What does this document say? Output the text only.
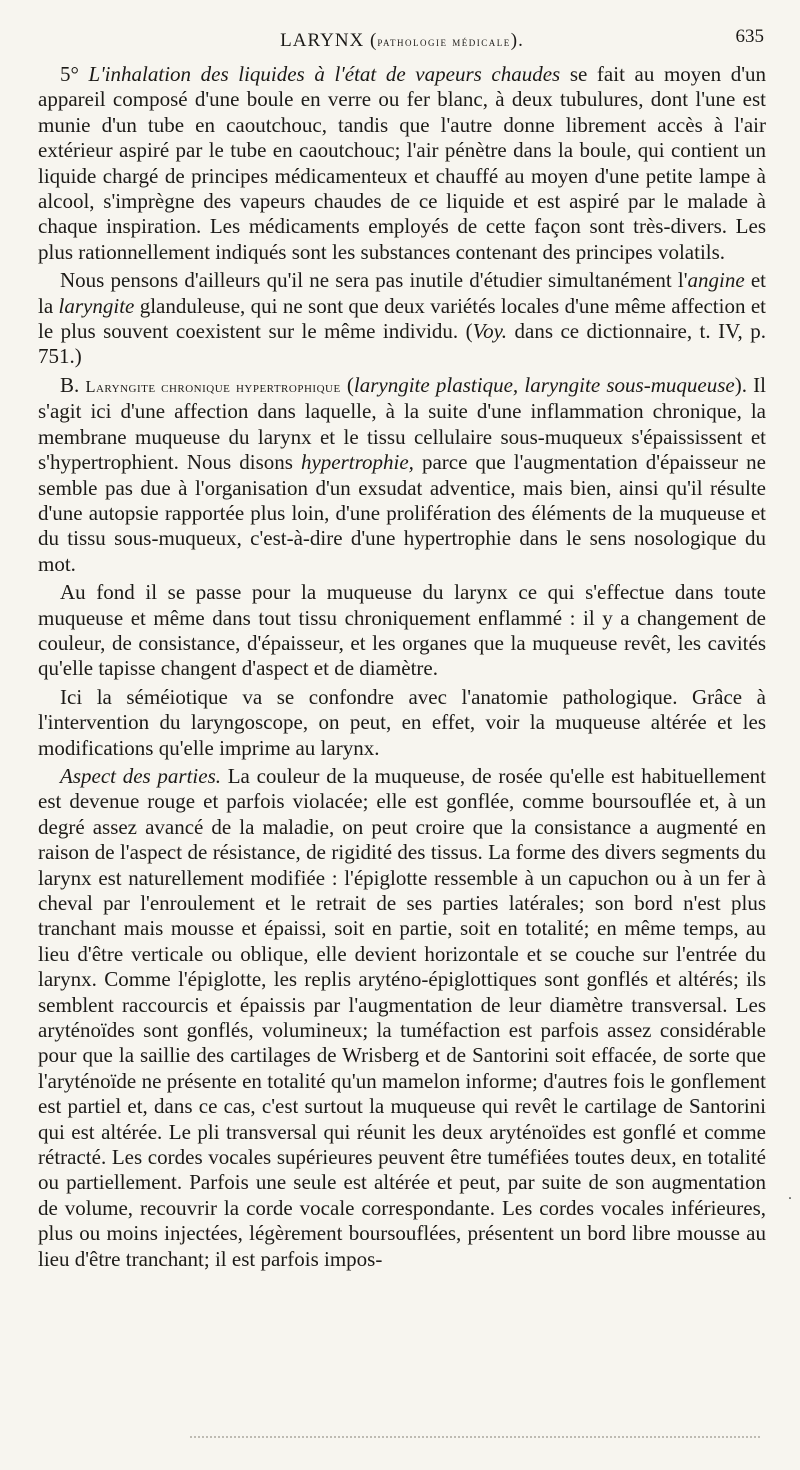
LARYNX (pathologie médicale).	635

5° L'inhalation des liquides à l'état de vapeurs chaudes se fait au moyen d'un appareil composé d'une boule en verre ou fer blanc, à deux tubulures, dont l'une est munie d'un tube en caoutchouc, tandis que l'autre donne librement accès à l'air extérieur aspiré par le tube en caoutchouc; l'air pénètre dans la boule, qui contient un liquide chargé de principes médicamenteux et chauffé au moyen d'une petite lampe à alcool, s'imprègne des vapeurs chaudes de ce liquide et est aspiré par le malade à chaque inspiration. Les médicaments employés de cette façon sont très-divers. Les plus rationnellement indiqués sont les substances contenant des principes volatils.

Nous pensons d'ailleurs qu'il ne sera pas inutile d'étudier simultanément l'angine et la laryngite glanduleuse, qui ne sont que deux variétés locales d'une même affection et le plus souvent coexistent sur le même individu. (Voy. dans ce dictionnaire, t. IV, p. 751.)

B. Laryngite chronique hypertrophique (laryngite plastique, laryngite sous-muqueuse). Il s'agit ici d'une affection dans laquelle, à la suite d'une inflammation chronique, la membrane muqueuse du larynx et le tissu cellulaire sous-muqueux s'épaississent et s'hypertrophient. Nous disons hypertrophie, parce que l'augmentation d'épaisseur ne semble pas due à l'organisation d'un exsudat adventice, mais bien, ainsi qu'il résulte d'une autopsie rapportée plus loin, d'une prolifération des éléments de la muqueuse et du tissu sous-muqueux, c'est-à-dire d'une hypertrophie dans le sens nosologique du mot.

Au fond il se passe pour la muqueuse du larynx ce qui s'effectue dans toute muqueuse et même dans tout tissu chroniquement enflammé : il y a changement de couleur, de consistance, d'épaisseur, et les organes que la muqueuse revêt, les cavités qu'elle tapisse changent d'aspect et de diamètre.

Ici la séméiotique va se confondre avec l'anatomie pathologique. Grâce à l'intervention du laryngoscope, on peut, en effet, voir la muqueuse altérée et les modifications qu'elle imprime au larynx.

Aspect des parties. La couleur de la muqueuse, de rosée qu'elle est habituellement est devenue rouge et parfois violacée; elle est gonflée, comme boursouflée et, à un degré assez avancé de la maladie, on peut croire que la consistance a augmenté en raison de l'aspect de résistance, de rigidité des tissus. La forme des divers segments du larynx est naturellement modifiée : l'épiglotte ressemble à un capuchon ou à un fer à cheval par l'enroulement et le retrait de ses parties latérales; son bord n'est plus tranchant mais mousse et épaissi, soit en partie, soit en totalité; en même temps, au lieu d'être verticale ou oblique, elle devient horizontale et se couche sur l'entrée du larynx. Comme l'épiglotte, les replis aryténo-épiglottiques sont gonflés et altérés; ils semblent raccourcis et épaissis par l'augmentation de leur diamètre transversal. Les aryténoïdes sont gonflés, volumineux; la tuméfaction est parfois assez considérable pour que la saillie des cartilages de Wrisberg et de Santorini soit effacée, de sorte que l'aryténoïde ne présente en totalité qu'un mamelon informe; d'autres fois le gonflement est partiel et, dans ce cas, c'est surtout la muqueuse qui revêt le cartilage de Santorini qui est altérée. Le pli transversal qui réunit les deux aryténoïdes est gonflé et comme rétracté. Les cordes vocales supérieures peuvent être tuméfiées toutes deux, en totalité ou partiellement. Parfois une seule est altérée et peut, par suite de son augmentation de volume, recouvrir la corde vocale correspondante. Les cordes vocales inférieures, plus ou moins injectées, légèrement boursouflées, présentent un bord libre mousse au lieu d'être tranchant; il est parfois impos-

.
